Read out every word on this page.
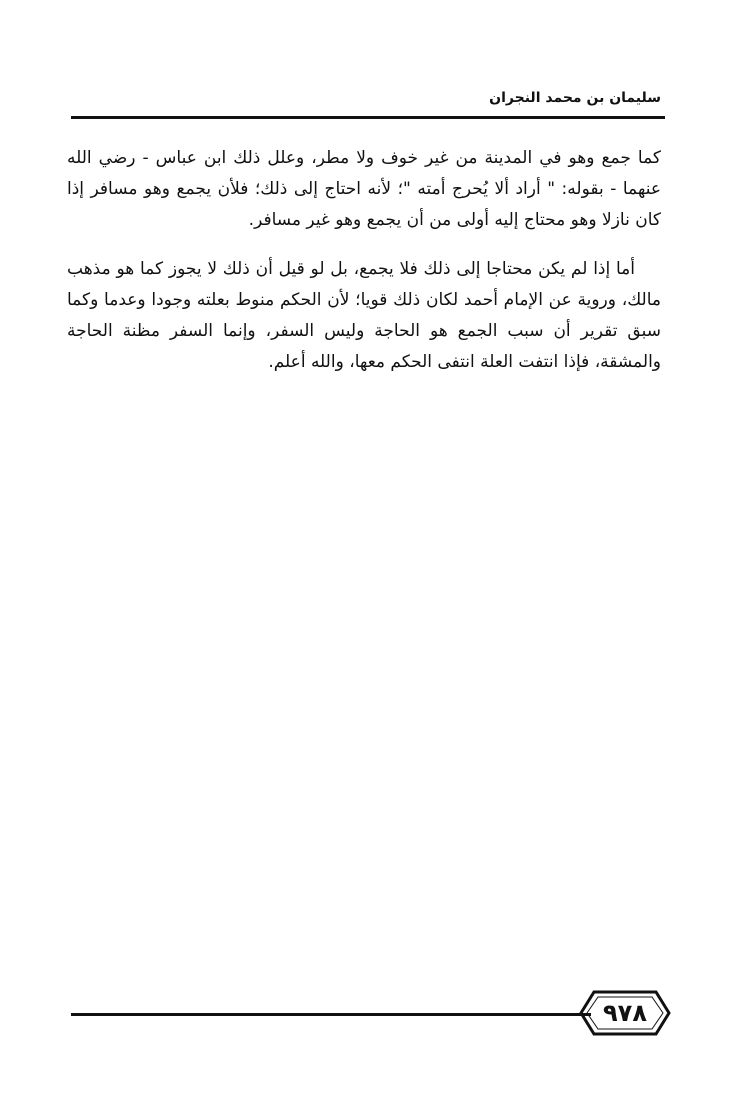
سليمان بن محمد النجران

كما جمع وهو في المدينة من غير خوف ولا مطر، وعلل ذلك ابن عباس - رضي الله عنهما - بقوله: " أراد ألا يُحرج أمته "؛ لأنه احتاج إلى ذلك؛ فلأن يجمع وهو مسافر إذا كان نازلا وهو محتاج إليه أولى من أن يجمع وهو غير مسافر.

أما إذا لم يكن محتاجا إلى ذلك فلا يجمع، بل لو قيل أن ذلك لا يجوز كما هو مذهب مالك، وروية عن الإمام أحمد لكان ذلك قويا؛ لأن الحكم منوط بعلته وجودا وعدما وكما سبق تقرير أن سبب الجمع هو الحاجة وليس السفر، وإنما السفر مظنة الحاجة والمشقة، فإذا انتفت العلة انتفى الحكم معها، والله أعلم.

٩٧٨
